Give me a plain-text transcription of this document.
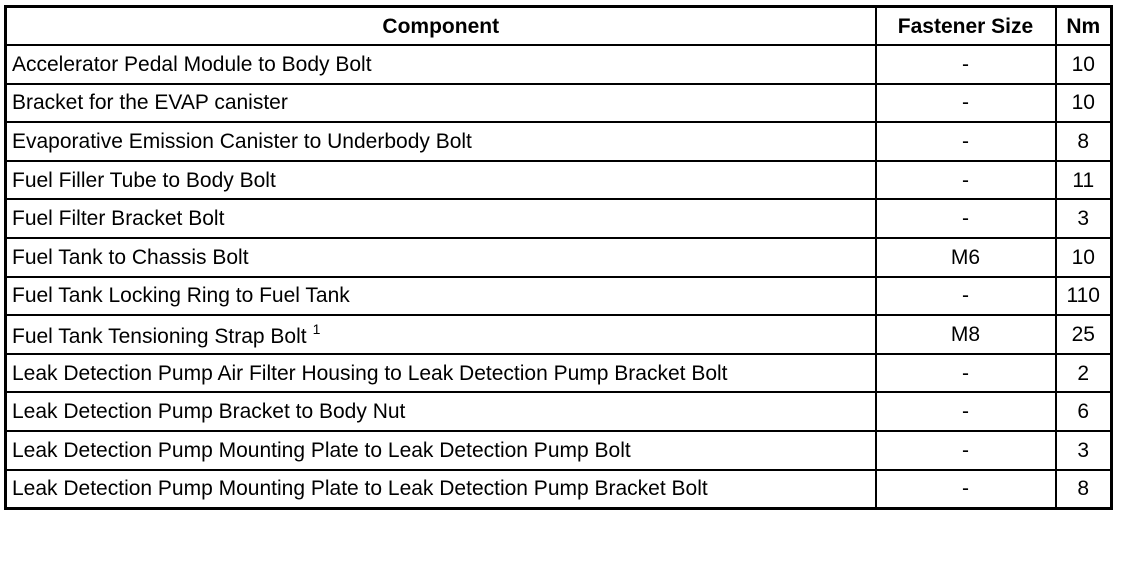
Component	Fastener Size	Nm
Accelerator Pedal Module to Body Bolt	-	10
Bracket for the EVAP canister	-	10
Evaporative Emission Canister to Underbody Bolt	-	8
Fuel Filler Tube to Body Bolt	-	11
Fuel Filter Bracket Bolt	-	3
Fuel Tank to Chassis Bolt	M6	10
Fuel Tank Locking Ring to Fuel Tank	-	110
Fuel Tank Tensioning Strap Bolt $^1$	M8	25
Leak Detection Pump Air Filter Housing to Leak Detection Pump Bracket Bolt	-	2
Leak Detection Pump Bracket to Body Nut	-	6
Leak Detection Pump Mounting Plate to Leak Detection Pump Bolt	-	3
Leak Detection Pump Mounting Plate to Leak Detection Pump Bracket Bolt	-	8
